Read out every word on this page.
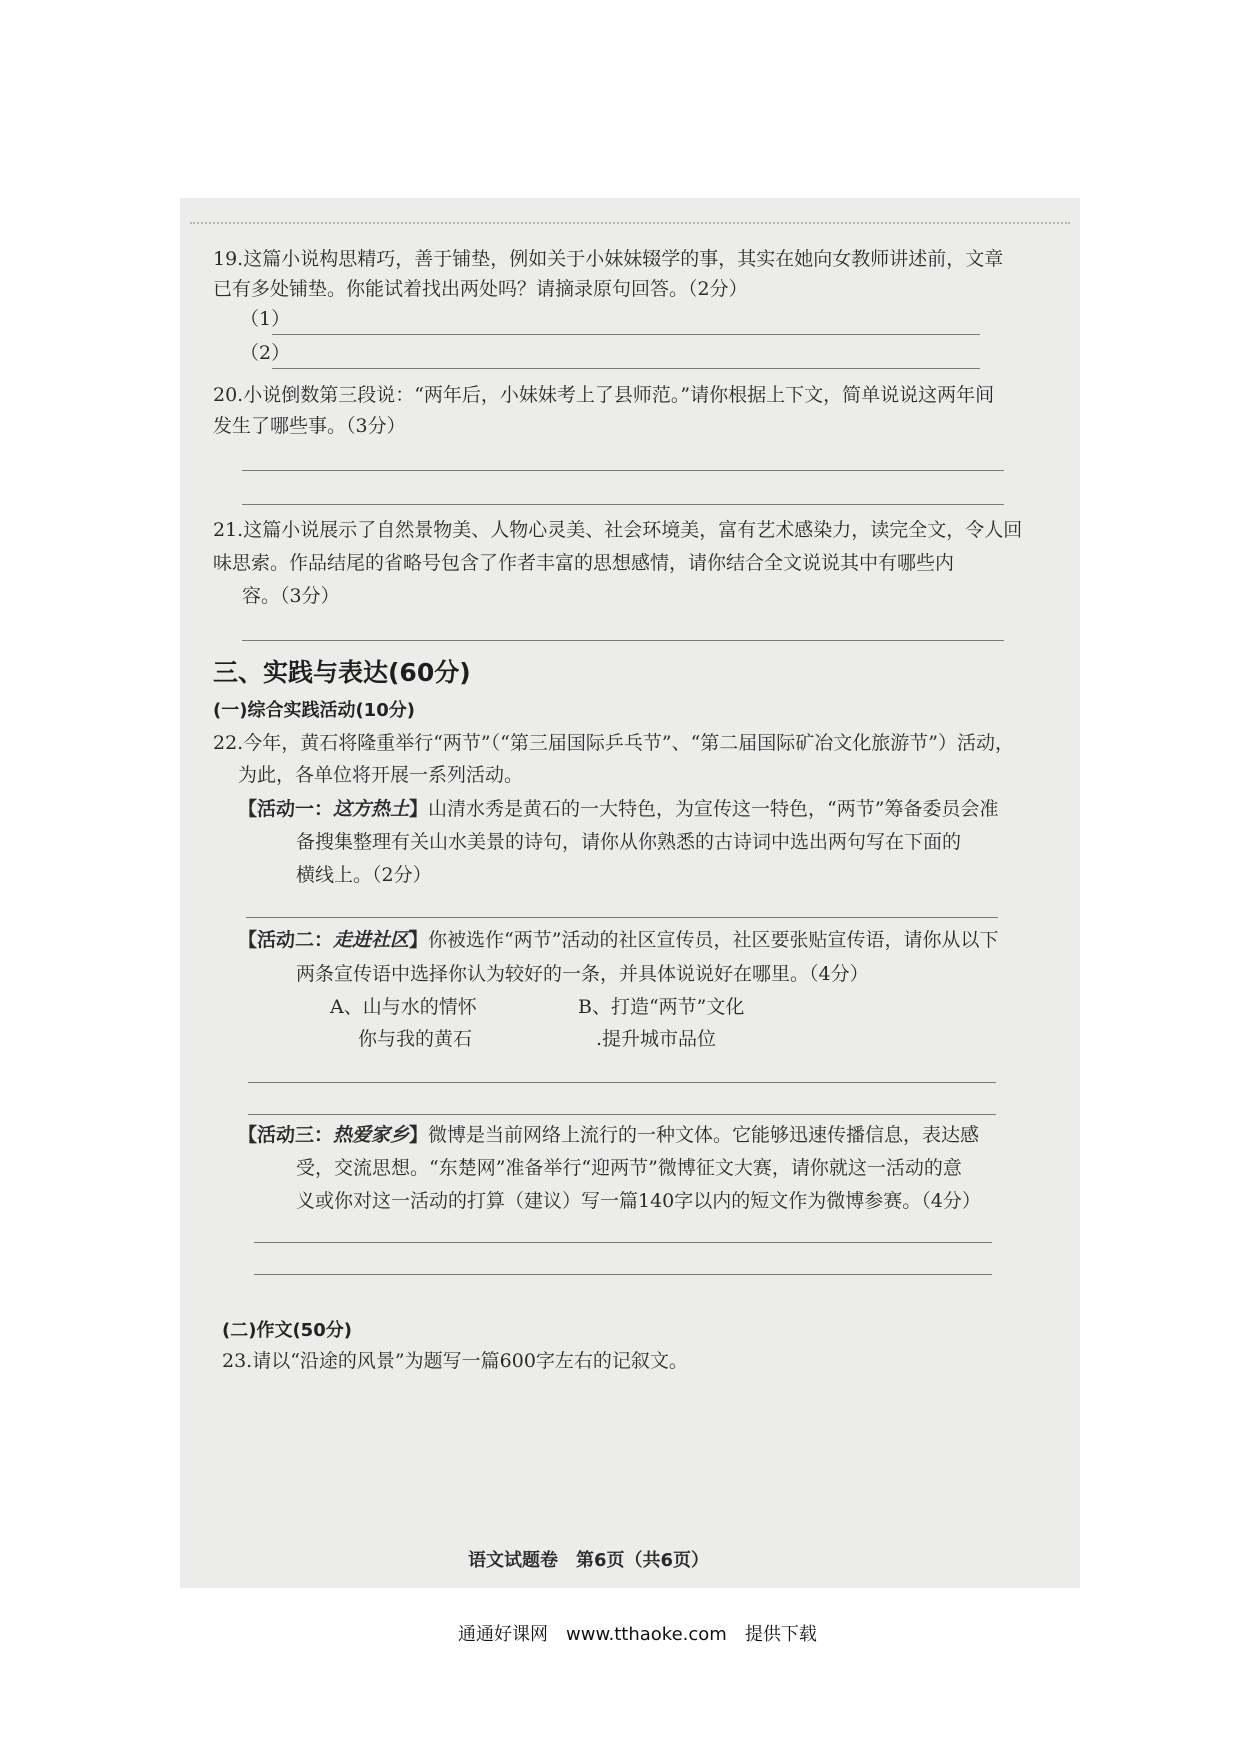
19.这篇小说构思精巧，善于铺垫，例如关于小妹妹辍学的事，其实在她向女教师讲述前，文章
已有多处铺垫。你能试着找出两处吗？请摘录原句回答。（2分）
（1）
（2）
20.小说倒数第三段说：“两年后，小妹妹考上了县师范。”请你根据上下文，简单说说这两年间
发生了哪些事。（3分）
21.这篇小说展示了自然景物美、人物心灵美、社会环境美，富有艺术感染力，读完全文，令人回
味思索。作品结尾的省略号包含了作者丰富的思想感情，请你结合全文说说其中有哪些内
容。（3分）
三、实践与表达(60分)
(一)综合实践活动(10分)
22.今年，黄石将隆重举行“两节”（“第三届国际乒乓节”、“第二届国际矿冶文化旅游节”）活动，
为此，各单位将开展一系列活动。
【活动一：这方热土】山清水秀是黄石的一大特色，为宣传这一特色，“两节”筹备委员会准
备搜集整理有关山水美景的诗句，请你从你熟悉的古诗词中选出两句写在下面的
横线上。（2分）
【活动二：走进社区】你被选作“两节”活动的社区宣传员，社区要张贴宣传语，请你从以下
两条宣传语中选择你认为较好的一条，并具体说说好在哪里。（4分）
A、山与水的情怀
你与我的黄石
B、打造“两节”文化
.提升城市品位
【活动三：热爱家乡】微博是当前网络上流行的一种文体。它能够迅速传播信息，表达感
受，交流思想。“东楚网”准备举行“迎两节”微博征文大赛，请你就这一活动的意
义或你对这一活动的打算（建议）写一篇140字以内的短文作为微博参赛。（4分）
(二)作文(50分)
23.请以“沿途的风景”为题写一篇600字左右的记叙文。
语文试题卷　第6页（共6页）
通通好课网　www.tthaoke.com　提供下载
